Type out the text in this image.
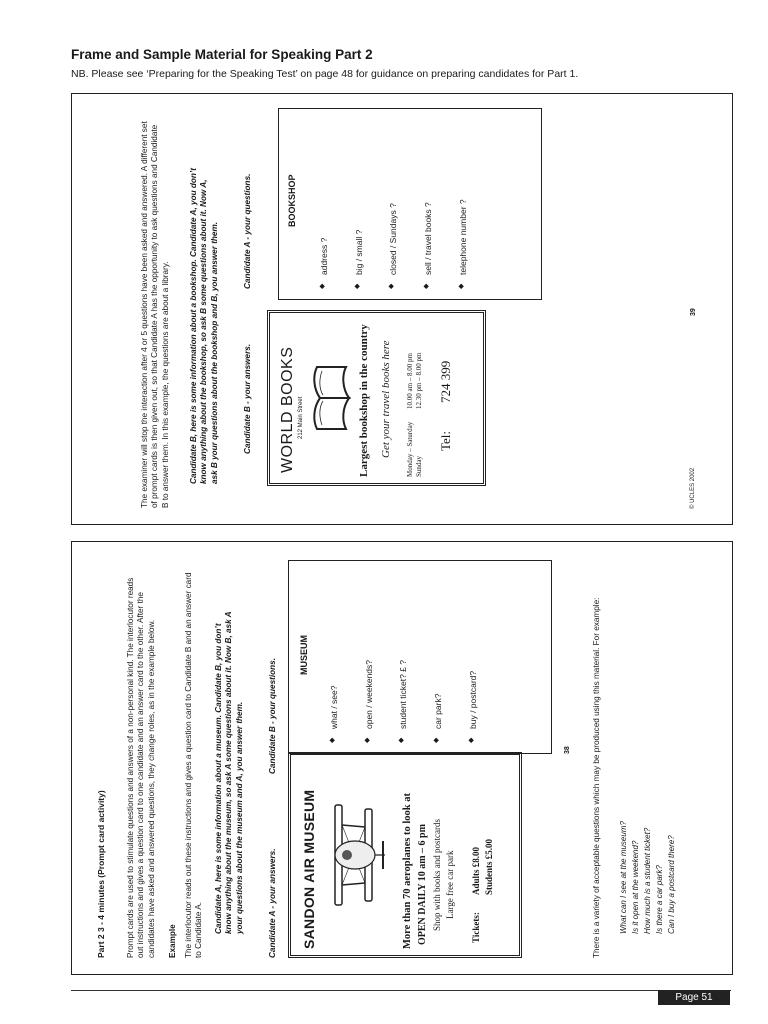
Frame and Sample Material for Speaking Part 2
NB. Please see ‘Preparing for the Speaking Test’ on page 48 for guidance on preparing candidates for Part 1.

The examiner will stop the interaction after 4 or 5 questions have been asked and answered. A different set of prompt cards is then given out, so that Candidate A has the opportunity to ask questions and Candidate B to answer them. In this example, the questions are about a library. Candidate B, here is some information about a bookshop. Candidate A, you don’t know anything about the bookshop, so ask B some questions about it. Now A, ask B your questions about the bookshop and B, you answer them.	Candidate B - your answers.

Candidate A - your questions.

WORLD BOOKS 212 Main Street	Largest bookshop in the country Get your travel books here Monday – Saturday
10.00 am – 8.00 pm
Sunday
12.30 pm – 8.00 pm
Tel:
724 399
BOOKSHOP
◆ address ?	◆ big / small ?	◆ closed / Sundays ?	◆ sell / travel books ?	◆ telephone number ?
© UCLES 2002
39

Part 2 3 - 4 minutes (Prompt card activity) Prompt cards are used to stimulate questions and answers of a non-personal kind. The interlocutor reads out instructions and gives a question card to one candidate and an answer card to the other. After the candidates have asked and answered questions, they change roles, as in the example below. Example The interlocutor reads out these instructions and gives a question card to Candidate B and an answer card to Candidate A. Candidate A, here is some information about a museum. Candidate B, you don’t know anything about the museum, so ask A some questions about it. Now B, ask A your questions about the museum and A, you answer them.	Candidate A - your answers.

Candidate B - your questions.

SANDON AIR MUSEUM	More than 70 aeroplanes to look at OPEN DAILY 10 am – 6 pm Shop with books and postcards Large free car park
Tickets:
Adults £8.00 Students £5.00
MUSEUM
◆ what / see?	◆ open / weekends?	◆ student ticket? £ ?	◆ car park?	◆ buy / postcard?
38	There is a variety of acceptable questions which may be produced using this material. For example: What can I see at the museum? Is it open at the weekend? How much is a student ticket? Is there a car park? Can I buy a postcard there?
Page 51
